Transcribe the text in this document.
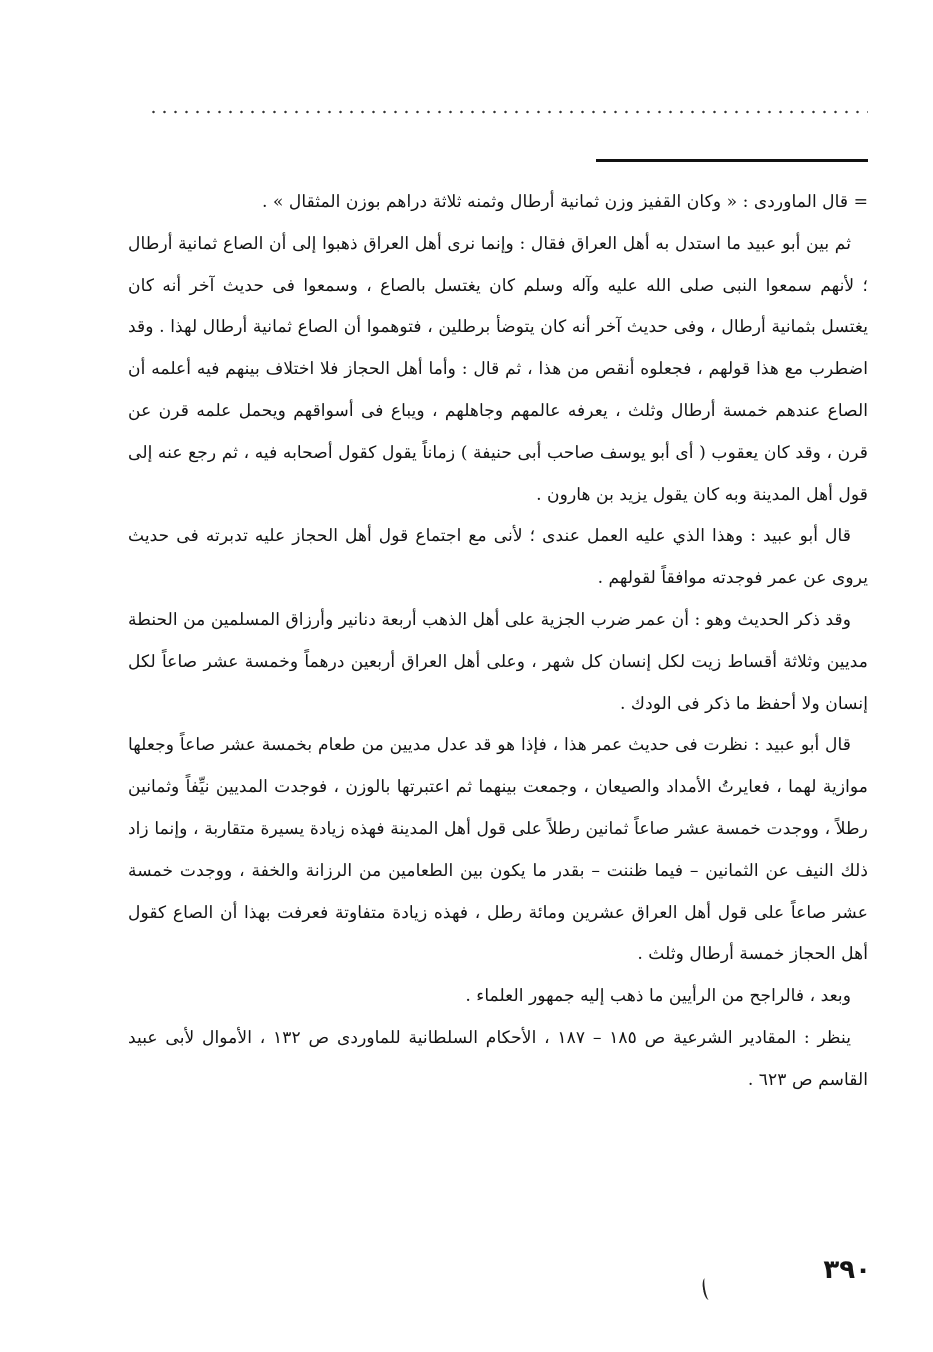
= قال الماوردى : « وكان القفيز وزن ثمانية أرطال وثمنه ثلاثة دراهم بوزن المثقال » .

ثم بين أبو عبيد ما استدل به أهل العراق فقال : وإنما نرى أهل العراق ذهبوا إلى أن الصاع ثمانية أرطال ؛ لأنهم سمعوا النبى صلى الله عليه وآله وسلم كان يغتسل بالصاع ، وسمعوا فى حديث آخر أنه كان يغتسل بثمانية أرطال ، وفى حديث آخر أنه كان يتوضأ برطلين ، فتوهموا أن الصاع ثمانية أرطال لهذا . وقد اضطرب مع هذا قولهم ، فجعلوه أنقص من هذا ، ثم قال : وأما أهل الحجاز فلا اختلاف بينهم فيه أعلمه أن الصاع عندهم خمسة أرطال وثلث ، يعرفه عالمهم وجاهلهم ، ويباع فى أسواقهم ويحمل علمه قرن عن قرن ، وقد كان يعقوب ( أى أبو يوسف صاحب أبى حنيفة ) زماناً يقول كقول أصحابه فيه ، ثم رجع عنه إلى قول أهل المدينة وبه كان يقول يزيد بن هارون .

قال أبو عبيد : وهذا الذي عليه العمل عندى ؛ لأنى مع اجتماع قول أهل الحجاز عليه تدبرته فى حديث يروى عن عمر فوجدته موافقاً لقولهم .

وقد ذكر الحديث وهو : أن عمر ضرب الجزية على أهل الذهب أربعة دنانير وأرزاق المسلمين من الحنطة مديين وثلاثة أقساط زيت لكل إنسان كل شهر ، وعلى أهل العراق أربعين درهماً وخمسة عشر صاعاً لكل إنسان ولا أحفظ ما ذكر فى الودك .

قال أبو عبيد : نظرت فى حديث عمر هذا ، فإذا هو قد عدل مديين من طعام بخمسة عشر صاعاً وجعلها موازية لهما ، فعايرتُ الأمداد والصيعان ، وجمعت بينهما ثم اعتبرتها بالوزن ، فوجدت المديين نيِّفاً وثمانين رطلاً ، ووجدت خمسة عشر صاعاً ثمانين رطلاً على قول أهل المدينة فهذه زيادة يسيرة متقاربة ، وإنما زاد ذلك النيف عن الثمانين – فيما ظننت – بقدر ما يكون بين الطعامين من الرزانة والخفة ، ووجدت خمسة عشر صاعاً على قول أهل العراق عشرين ومائة رطل ، فهذه زيادة متفاوتة فعرفت بهذا أن الصاع كقول أهل الحجاز خمسة أرطال وثلث .

وبعد ، فالراجح من الرأيين ما ذهب إليه جمهور العلماء .

ينظر : المقادير الشرعية ص ١٨٥ – ١٨٧ ، الأحكام السلطانية للماوردى ص ١٣٢ ، الأموال لأبى عبيد القاسم ص ٦٢٣ .

٣٩٠
